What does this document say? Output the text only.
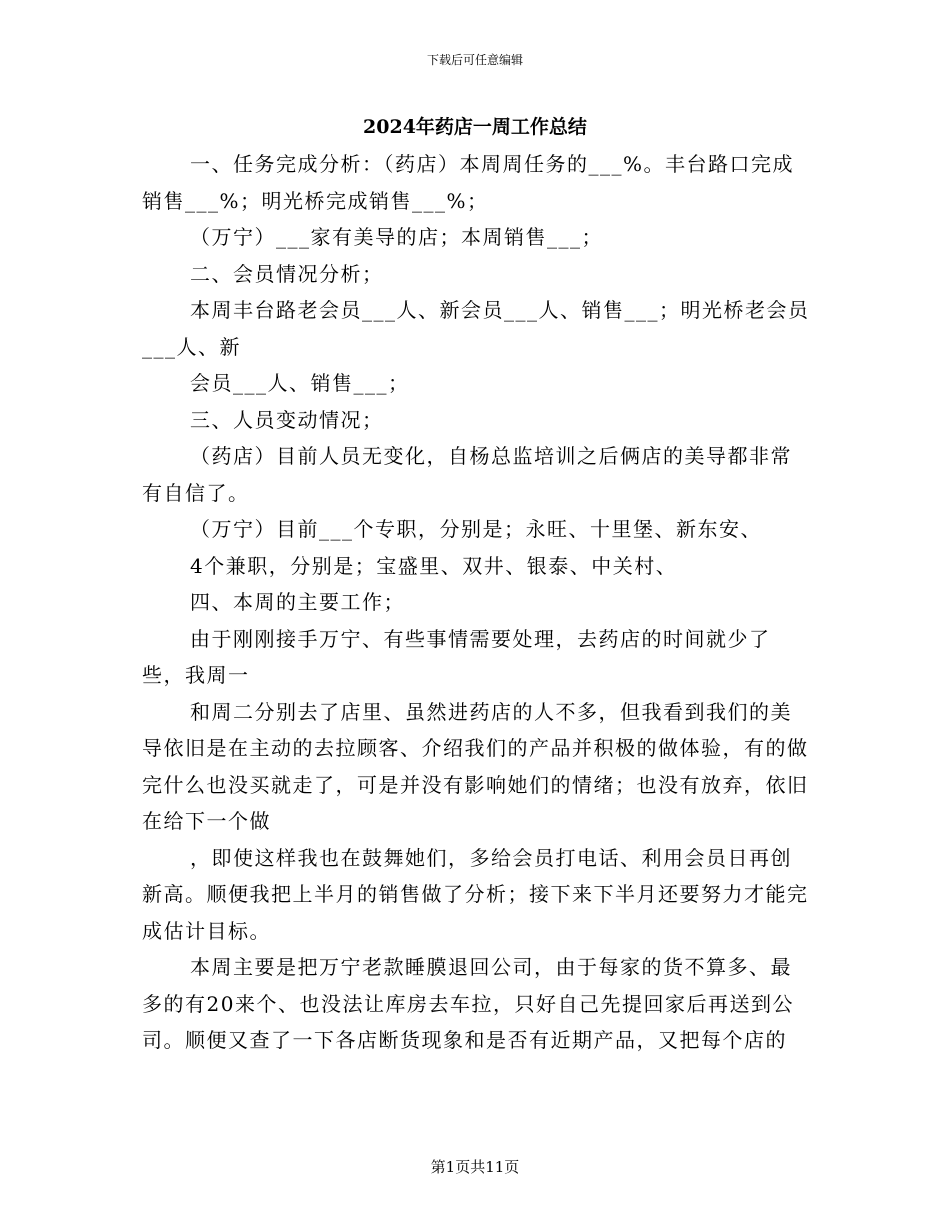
下载后可任意编辑
2024年药店一周工作总结

一、任务完成分析：（药店）本周周任务的___%。丰台路口完成销售___%；明光桥完成销售___%；

（万宁）___家有美导的店；本周销售___；

二、会员情况分析；

本周丰台路老会员___人、新会员___人、销售___；明光桥老会员___人、新

会员___人、销售___；

三、人员变动情况；

（药店）目前人员无变化，自杨总监培训之后俩店的美导都非常有自信了。

（万宁）目前___个专职，分别是；永旺、十里堡、新东安、

4个兼职，分别是；宝盛里、双井、银泰、中关村、

四、本周的主要工作；

由于刚刚接手万宁、有些事情需要处理，去药店的时间就少了些，我周一

和周二分别去了店里、虽然进药店的人不多，但我看到我们的美导依旧是在主动的去拉顾客、介绍我们的产品并积极的做体验，有的做完什么也没买就走了，可是并没有影响她们的情绪；也没有放弃，依旧在给下一个做

，即使这样我也在鼓舞她们，多给会员打电话、利用会员日再创新高。顺便我把上半月的销售做了分析；接下来下半月还要努力才能完成估计目标。

本周主要是把万宁老款睡膜退回公司，由于每家的货不算多、最多的有20来个、也没法让库房去车拉，只好自己先提回家后再送到公司。顺便又查了一下各店断货现象和是否有近期产品，又把每个店的

第1页共11页
